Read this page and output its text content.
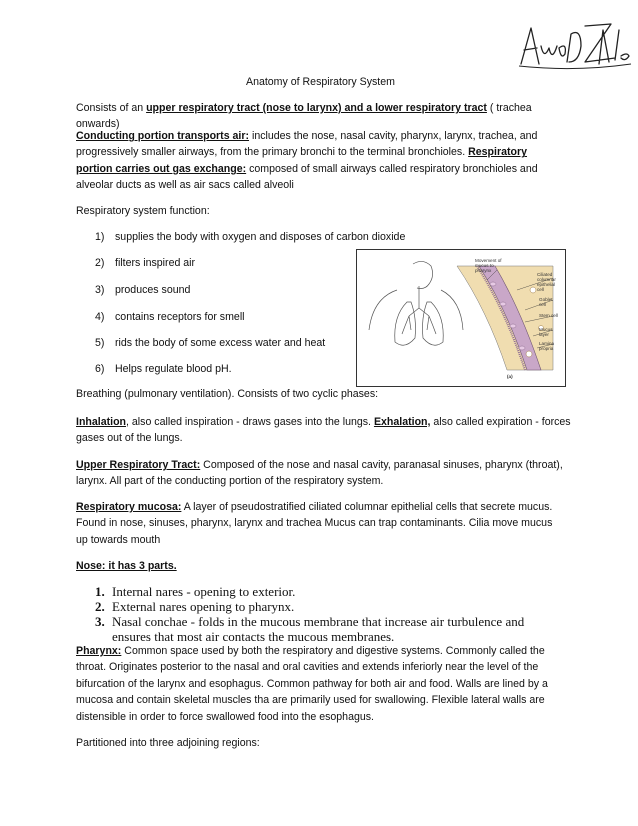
Anatomy of Respiratory System
Consists of an upper respiratory tract (nose to larynx) and a lower respiratory tract ( trachea onwards)
Conducting portion transports air: includes the nose, nasal cavity, pharynx, larynx, trachea, and progressively smaller airways, from the primary bronchi to the terminal bronchioles. Respiratory portion carries out gas exchange: composed of small airways called respiratory bronchioles and alveolar ducts as well as air sacs called alveoli
Respiratory system function:
1) supplies the body with oxygen and disposes of carbon dioxide
2) filters inspired air
3) produces sound
4) contains receptors for smell
5) rids the body of some excess water and heat
6) Helps regulate blood pH.
Movement of mucus to pharynx
Ciliated columnar epithelial cell
Goblet cell
Stem cell
Mucus layer
Lamina propria
(a)
Breathing (pulmonary ventilation). Consists of two cyclic phases:
Inhalation, also called inspiration - draws gases into the lungs. Exhalation, also called expiration - forces gases out of the lungs.
Upper Respiratory Tract: Composed of the nose and nasal cavity, paranasal sinuses, pharynx (throat), larynx. All part of the conducting portion of the respiratory system.
Respiratory mucosa: A layer of pseudostratified ciliated columnar epithelial cells that secrete mucus. Found in nose, sinuses, pharynx, larynx and trachea Mucus can trap contaminants. Cilia move mucus up towards mouth
Nose: it has 3 parts.
1. Internal nares - opening to exterior.
2. External nares opening to pharynx.
3. Nasal conchae - folds in the mucous membrane that increase air turbulence and ensures that most air contacts the mucous membranes.
Pharynx: Common space used by both the respiratory and digestive systems. Commonly called the throat. Originates posterior to the nasal and oral cavities and extends inferiorly near the level of the bifurcation of the larynx and esophagus. Common pathway for both air and food. Walls are lined by a mucosa and contain skeletal muscles tha are primarily used for swallowing. Flexible lateral walls are distensible in order to force swallowed food into the esophagus.
Partitioned into three adjoining regions:
